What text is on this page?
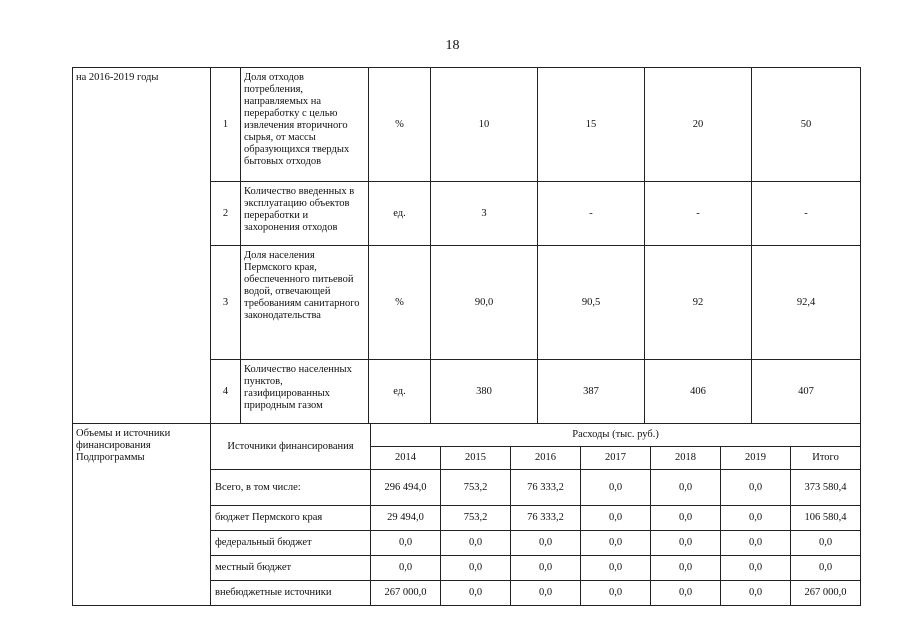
18
на 2016-2019 годы	1	Доля отходов потребления, направляемых на переработку с целью извлечения вторичного сырья, от массы образующихся твердых бытовых отходов	%	10	15	20	50
	2	Количество введенных в эксплуатацию объектов переработки и захоронения отходов	ед.	3	-	-	-
	3	Доля населения Пермского края, обеспеченного питьевой водой, отвечающей требованиям санитарного законодательства	%	90,0	90,5	92	92,4
	4	Количество населенных пунктов, газифицированных природным газом	ед.	380	387	406	407
Объемы и источники финансирования Подпрограммы	Источники финансирования	Расходы (тыс. руб.)						
		2014	2015	2016	2017	2018	2019	Итого
	Всего, в том числе:	296 494,0	753,2	76 333,2	0,0	0,0	0,0	373 580,4
	бюджет Пермского края	29 494,0	753,2	76 333,2	0,0	0,0	0,0	106 580,4
	федеральный бюджет	0,0	0,0	0,0	0,0	0,0	0,0	0,0
	местный бюджет	0,0	0,0	0,0	0,0	0,0	0,0	0,0
	внебюджетные источники	267 000,0	0,0	0,0	0,0	0,0	0,0	267 000,0
